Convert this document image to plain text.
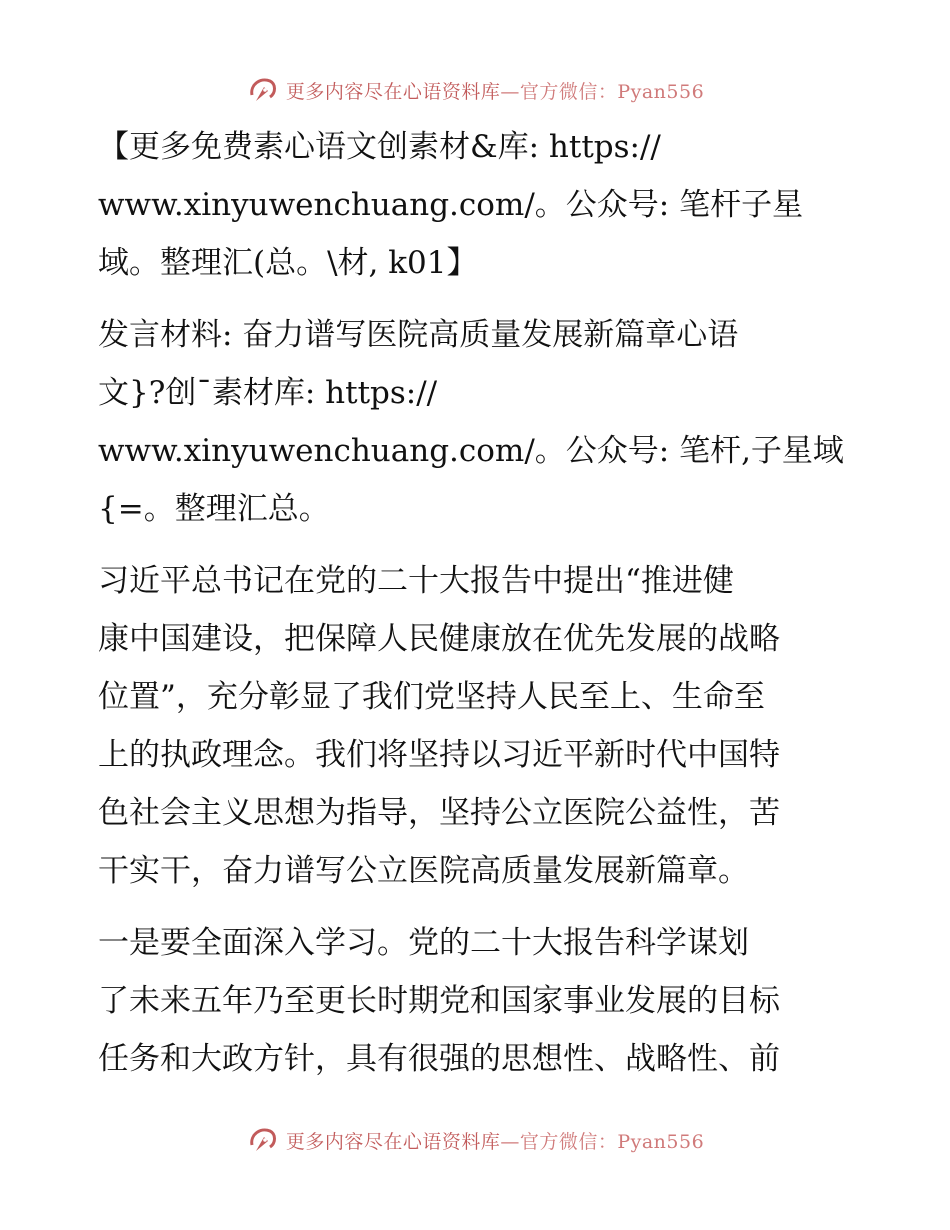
更多内容尽在心语资料库—官方微信：Pyan556

【更多免费素心语文创素材&库: https://
www.xinyuwenchuang.com/。公众号: 笔杆子星
域。整理汇(总。\材, k01】

发言材料: 奋力谱写医院高质量发展新篇章心语
文}?创¯素材库: https://
www.xinyuwenchuang.com/。公众号: 笔杆,子星域
{=。整理汇总。

习近平总书记在党的二十大报告中提出“推进健
康中国建设，把保障人民健康放在优先发展的战略
位置”，充分彰显了我们党坚持人民至上、生命至
上的执政理念。我们将坚持以习近平新时代中国特
色社会主义思想为指导，坚持公立医院公益性，苦
干实干，奋力谱写公立医院高质量发展新篇章。

一是要全面深入学习。党的二十大报告科学谋划
了未来五年乃至更长时期党和国家事业发展的目标
任务和大政方针，具有很强的思想性、战略性、前

更多内容尽在心语资料库—官方微信：Pyan556
